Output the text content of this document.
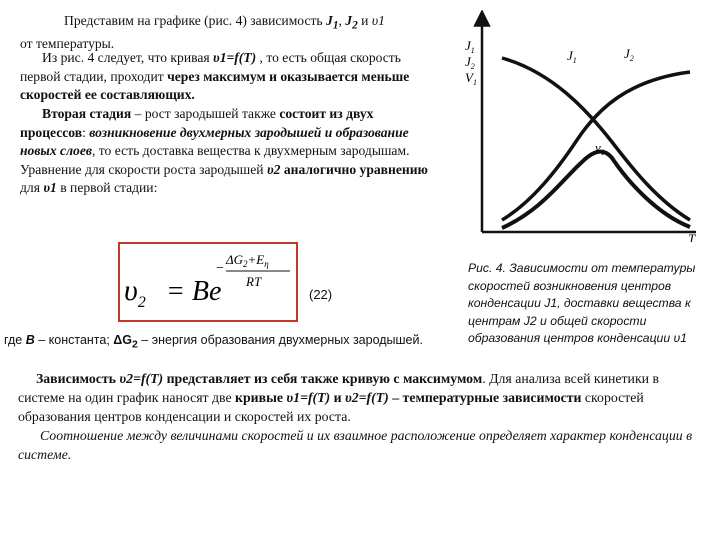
Представим на графике (рис. 4) зависимость $J_1$, $J_2$ и υ1
от температуры.
Из рис. 4 следует, что кривая υ1=f(T) , то есть общая скорость первой стадии, проходит через максимум и оказывается меньше скоростей ее составляющих.
Вторая стадия – рост зародышей также состоит из двух процессов: возникновение двухмерных зародышей и образование новых слоев, то есть доставка вещества к двухмерным зародышам. Уравнение для скорости роста зародышей υ2 аналогично уравнению для υ1 в первой стадии:
$\upsilon_2 = Be$
−
$\Delta G_2+E_\eta$
RT
(22)
где B – константа; $\Delta G_2$ – энергия образования двухмерных зародышей.
$J_1$
$J_2$
$V_1$
$J_1$	$J_2$
$v_1$
T
Рис. 4. Зависимости от температуры скоростей возникновения центров конденсации J1, доставки вещества к центрам J2 и общей скорости образования центров конденсации υ1
Зависимость υ2=f(T) представляет из себя также кривую с максимумом. Для анализа всей кинетики в системе на один график наносят две кривые υ1=f(T) и υ2=f(T) – температурные зависимости скоростей образования центров конденсации и скоростей их роста.
Соотношение между величинами скоростей и их взаимное расположение определяет характер конденсации в системе.
